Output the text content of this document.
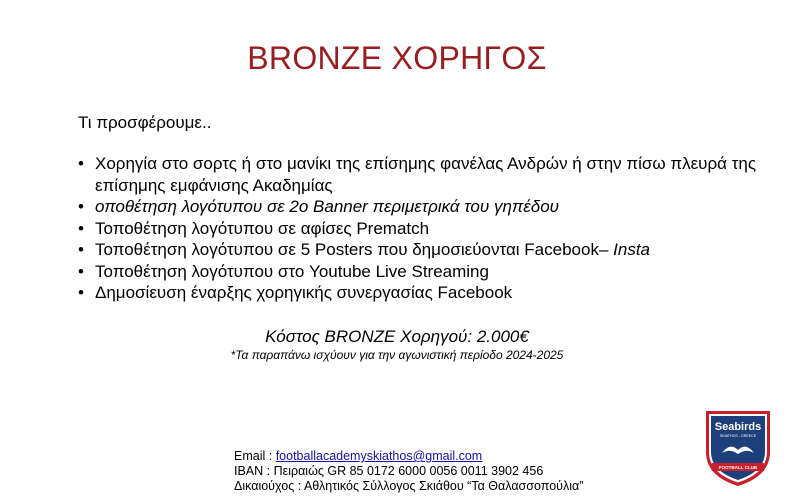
BRONZE ΧΟΡΗΓΟΣ
Τι προσφέρουμε..
• Χορηγία στο σορτς ή στο μανίκι της επίσημης φανέλας Ανδρών ή στην πίσω πλευρά της επίσημης εμφάνισης Ακαδημίας
• οποθέτηση λογότυπου σε 2ο Banner περιμετρικά του γηπέδου
• Τοποθέτηση λογότυπου σε αφίσες Prematch
• Τοποθέτηση λογότυπου σε 5 Posters που δημοσιεύονται Facebook– Insta
• Τοποθέτηση λογότυπου στο Youtube Live Streaming
• Δημοσίευση έναρξης χορηγικής συνεργασίας Facebook
Κόστος BRONZE Χορηγού: 2.000€
*Τα παραπάνω ισχύουν για την αγωνιστική περίοδο 2024-2025
Email : footballacademyskiathos@gmail.com
IBAN : Πειραιώς GR 85 0172 6000 0056 0011 3902 456
Δικαιούχος : Αθλητικός Σύλλογος Σκιάθου “Τα Θαλασσοπούλια”
Seabirds
SKIATHOS - GREECE
FOOTBALL CLUB
